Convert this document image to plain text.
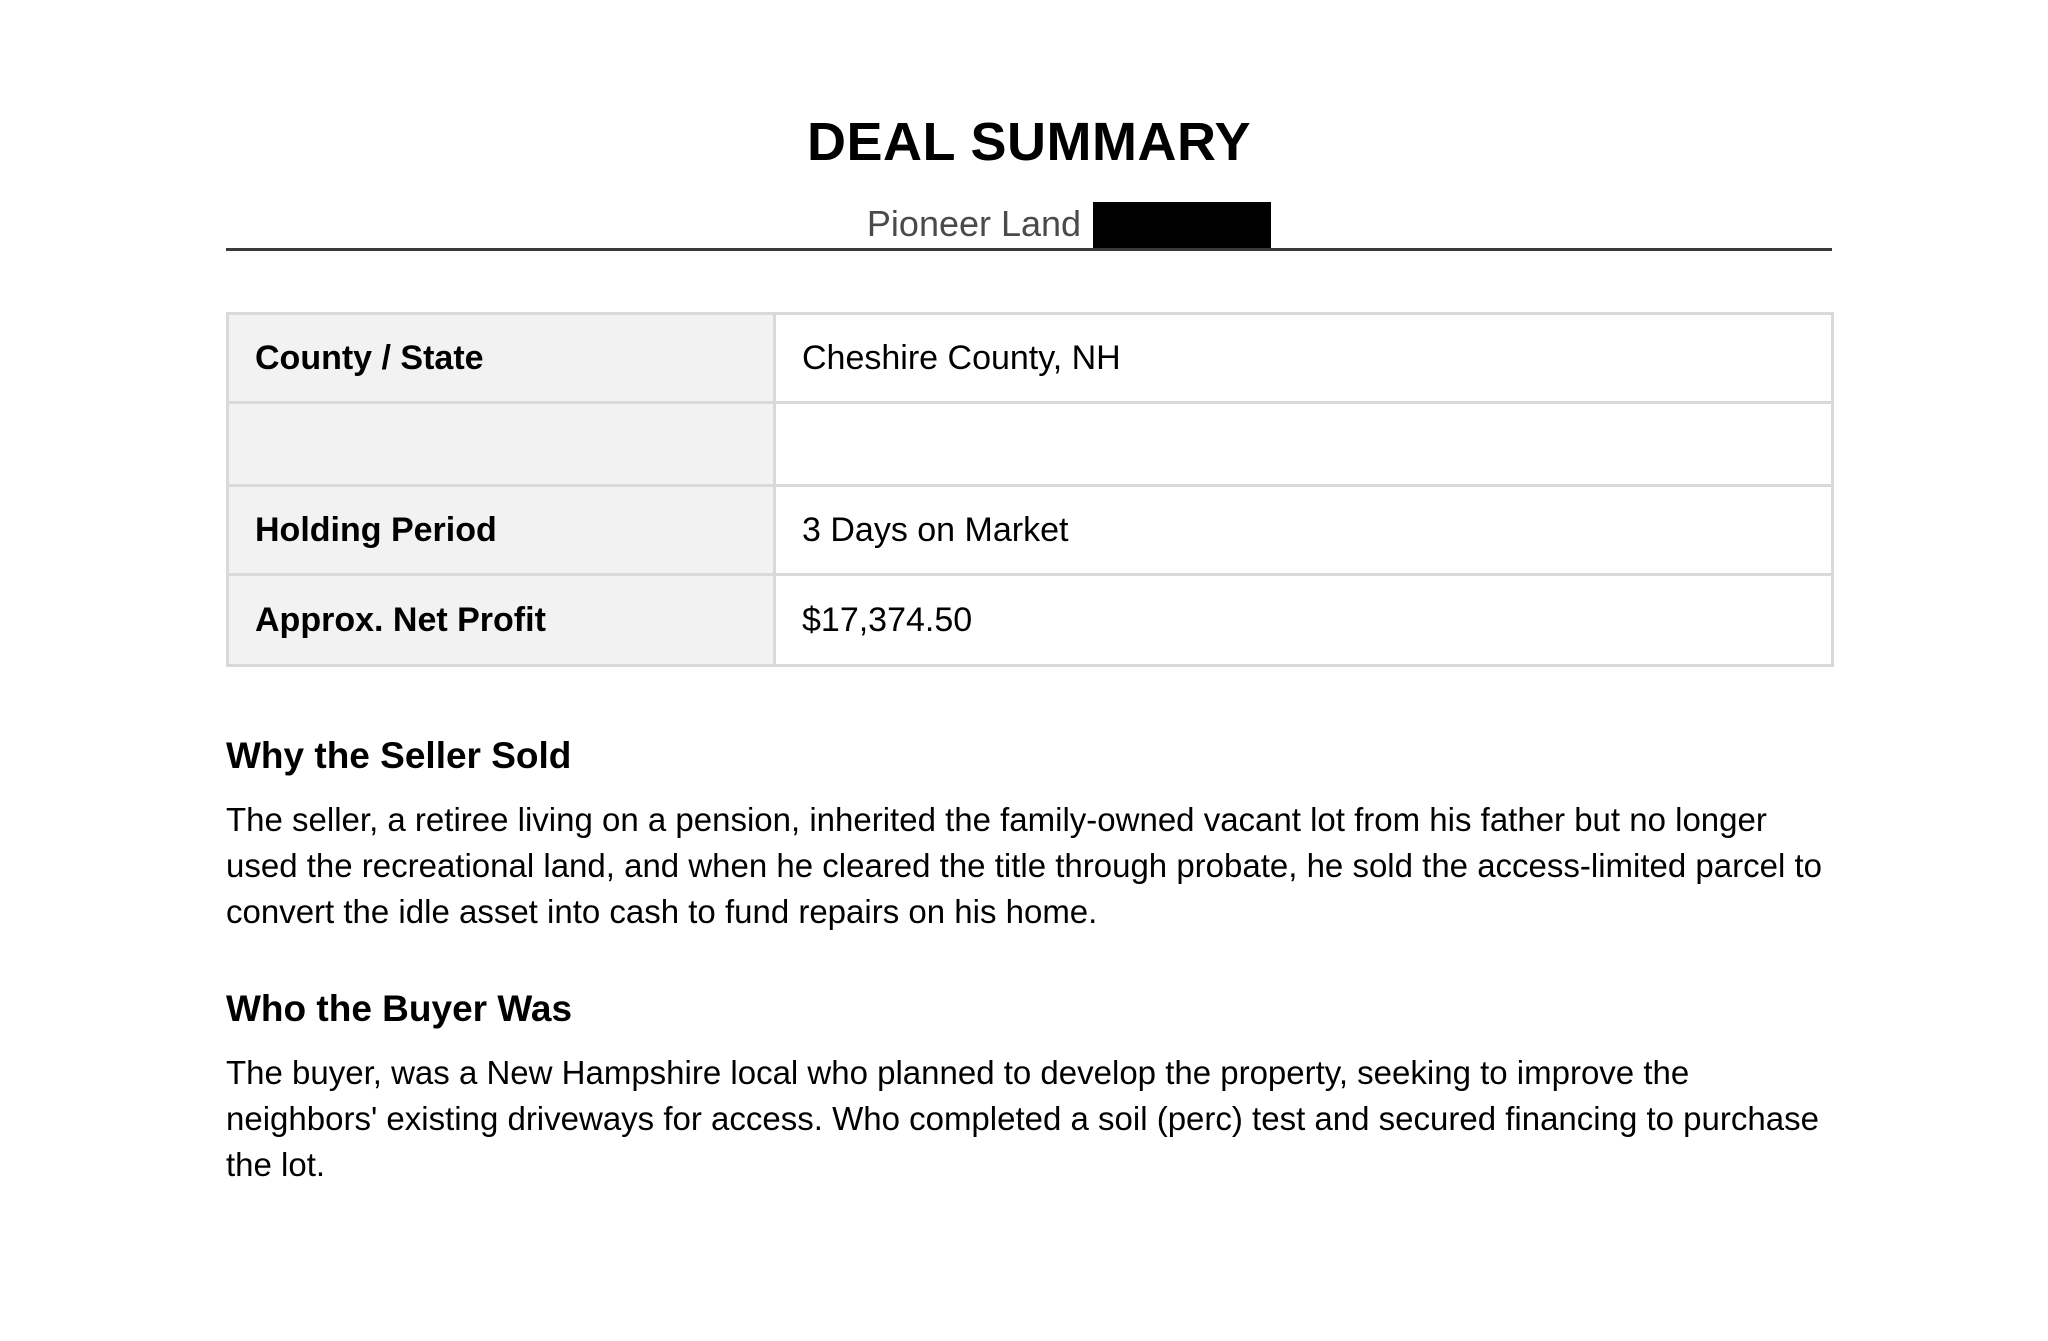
DEAL SUMMARY
Pioneer Land
County / State	Cheshire County, NH

Holding Period	3 Days on Market
Approx. Net Profit	$17,374.50
Why the Seller Sold
The seller, a retiree living on a pension, inherited the family-owned vacant lot from his father but no longer used the recreational land, and when he cleared the title through probate, he sold the access-limited parcel to convert the idle asset into cash to fund repairs on his home.
Who the Buyer Was
The buyer, was a New Hampshire local who planned to develop the property, seeking to improve the neighbors' existing driveways for access. Who completed a soil (perc) test and secured financing to purchase the lot.
